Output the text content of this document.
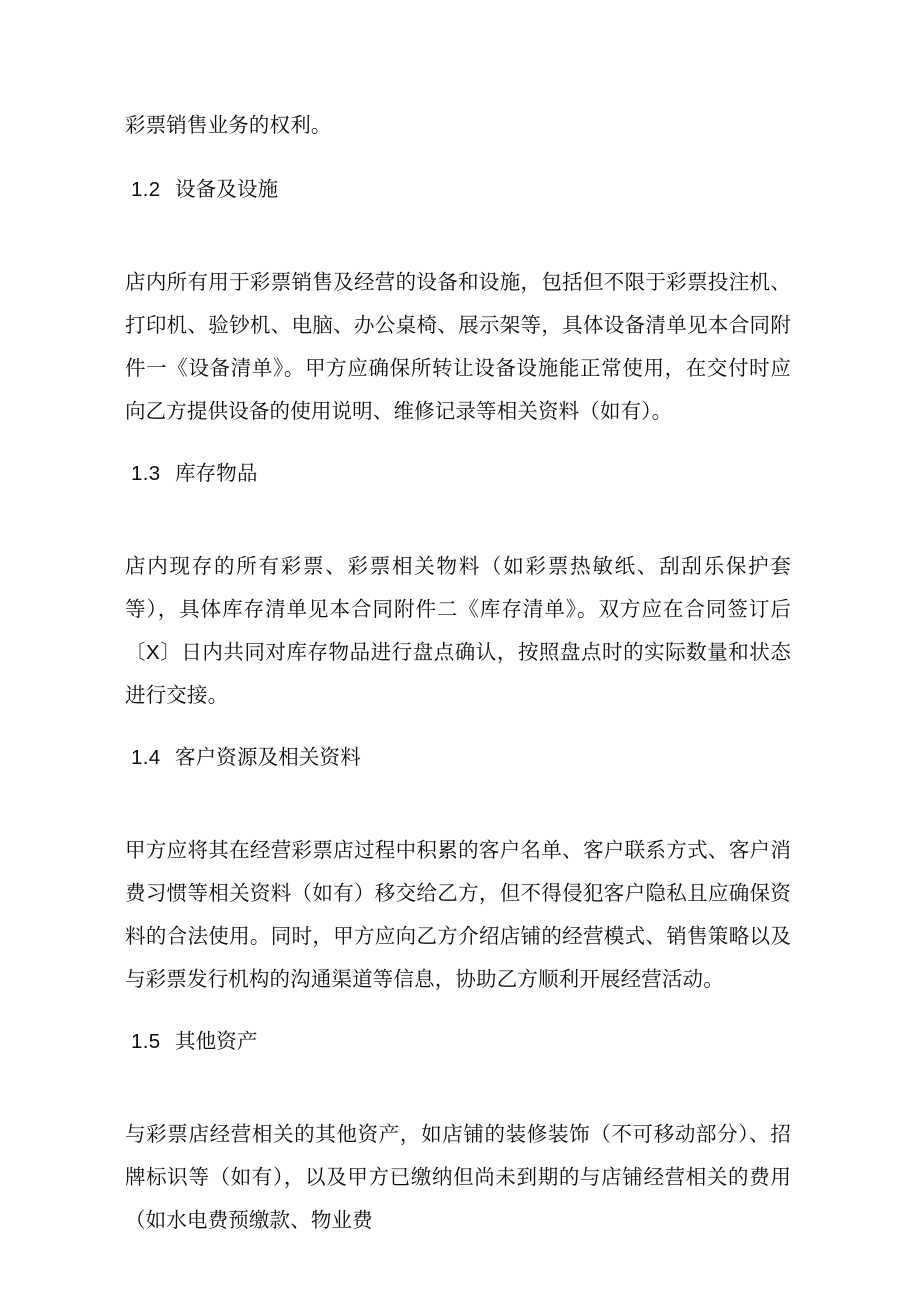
彩票销售业务的权利。

1.2 设备及设施

店内所有用于彩票销售及经营的设备和设施，包括但不限于彩票投注机、打印机、验钞机、电脑、办公桌椅、展示架等，具体设备清单见本合同附件一《设备清单》。甲方应确保所转让设备设施能正常使用，在交付时应向乙方提供设备的使用说明、维修记录等相关资料（如有）。

1.3 库存物品

店内现存的所有彩票、彩票相关物料（如彩票热敏纸、刮刮乐保护套等），具体库存清单见本合同附件二《库存清单》。双方应在合同签订后〔X〕日内共同对库存物品进行盘点确认，按照盘点时的实际数量和状态进行交接。

1.4 客户资源及相关资料

甲方应将其在经营彩票店过程中积累的客户名单、客户联系方式、客户消费习惯等相关资料（如有）移交给乙方，但不得侵犯客户隐私且应确保资料的合法使用。同时，甲方应向乙方介绍店铺的经营模式、销售策略以及与彩票发行机构的沟通渠道等信息，协助乙方顺利开展经营活动。

1.5 其他资产

与彩票店经营相关的其他资产，如店铺的装修装饰（不可移动部分）、招牌标识等（如有），以及甲方已缴纳但尚未到期的与店铺经营相关的费用（如水电费预缴款、物业费
